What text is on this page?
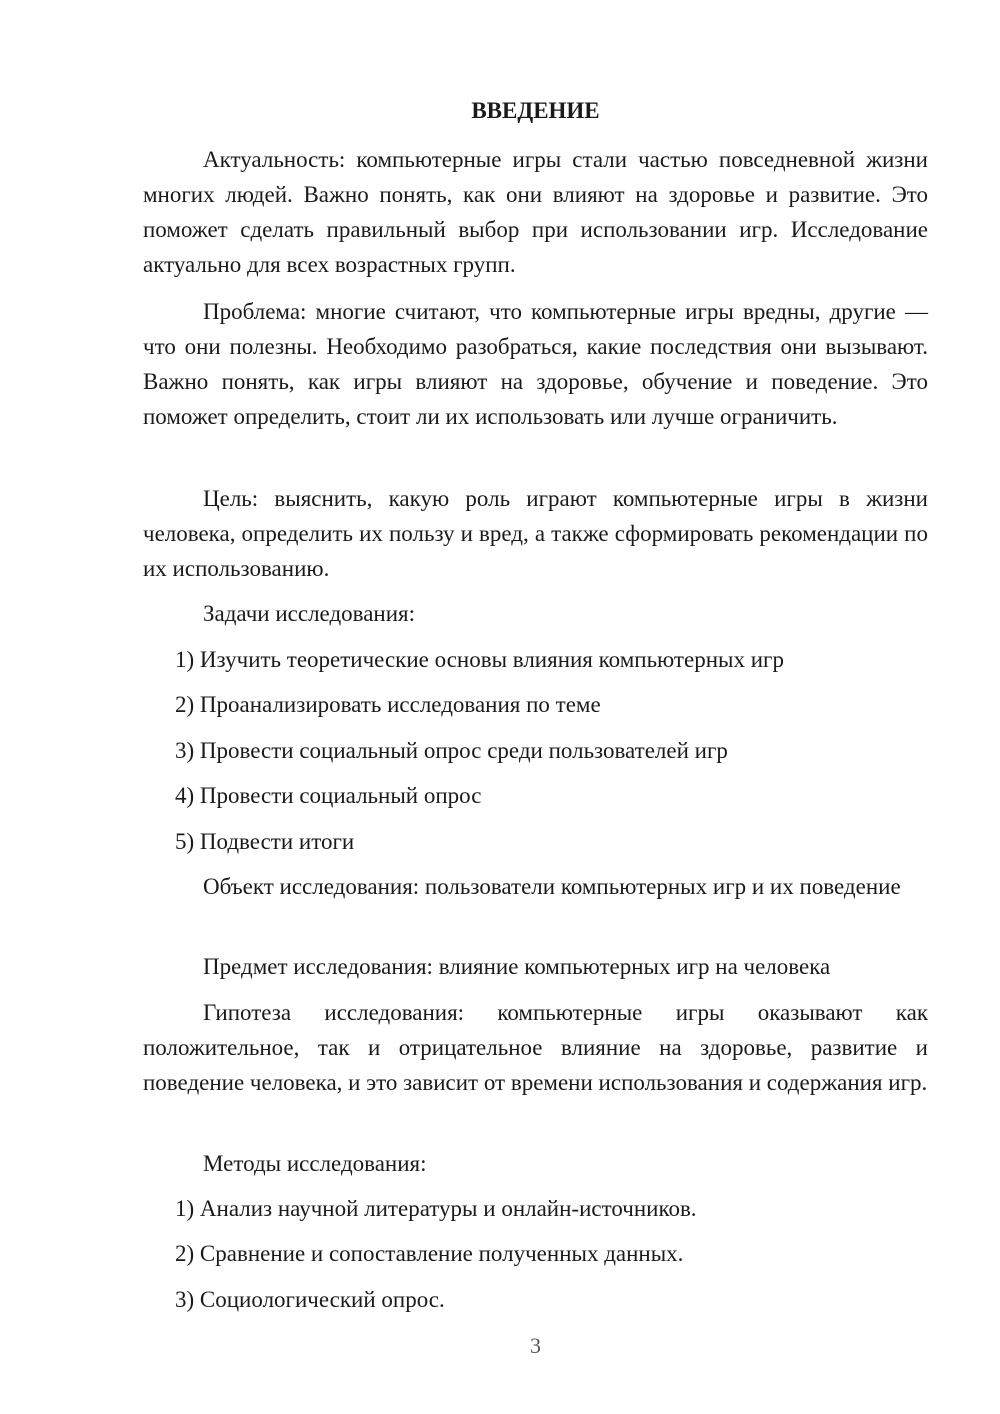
ВВЕДЕНИЕ

Актуальность: компьютерные игры стали частью повседневной жизни многих людей. Важно понять, как они влияют на здоровье и развитие. Это поможет сделать правильный выбор при использовании игр. Исследование актуально для всех возрастных групп.

Проблема: многие считают, что компьютерные игры вредны, другие — что они полезны. Необходимо разобраться, какие последствия они вызывают. Важно понять, как игры влияют на здоровье, обучение и поведение. Это поможет определить, стоит ли их использовать или лучше ограничить.

Цель: выяснить, какую роль играют компьютерные игры в жизни человека, определить их пользу и вред, а также сформировать рекомендации по их использованию.

Задачи исследования:
1) Изучить теоретические основы влияния компьютерных игр
2) Проанализировать исследования по теме
3) Провести социальный опрос среди пользователей игр
4) Провести социальный опрос
5) Подвести итоги

Объект исследования: пользователи компьютерных игр и их поведение

Предмет исследования: влияние компьютерных игр на человека

Гипотеза исследования: компьютерные игры оказывают как положительное, так и отрицательное влияние на здоровье, развитие и поведение человека, и это зависит от времени использования и содержания игр.

Методы исследования:
1) Анализ научной литературы и онлайн-источников.
2) Сравнение и сопоставление полученных данных.
3) Социологический опрос.
3
